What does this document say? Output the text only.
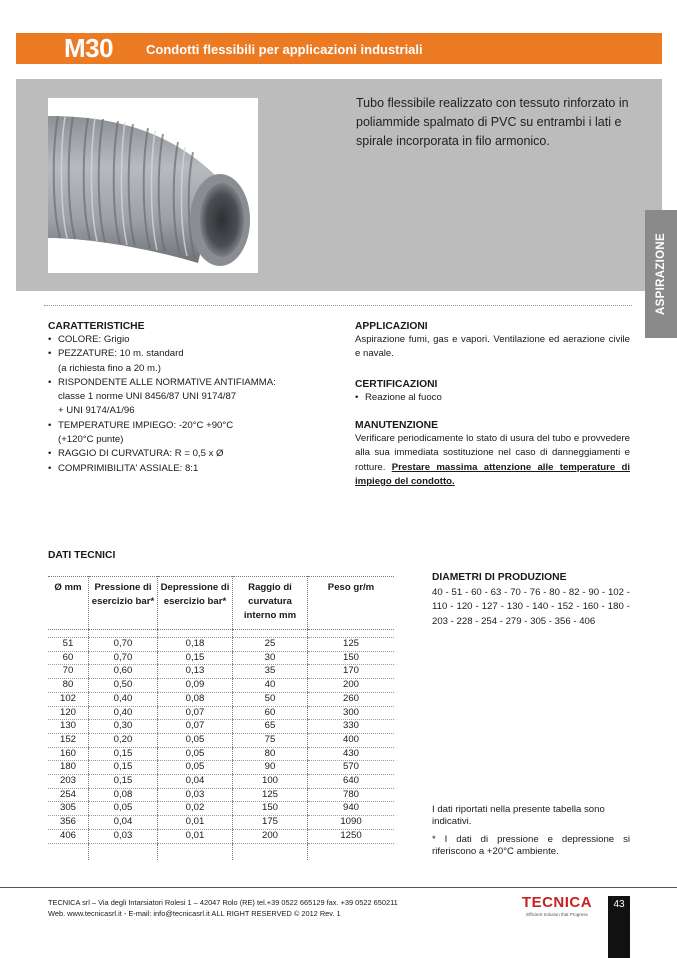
M30	Condotti flessibili per applicazioni industriali
Tubo flessibile realizzato con tessuto rinforzato in poliammide spalmato di PVC su entrambi i lati e spirale incorporata in filo armonico.
ASPIRAZIONE
CARATTERISTICHE
• COLORE: Grigio
• PEZZATURE: 10 m. standard
(a richiesta fino a 20 m.)
• RISPONDENTE ALLE NORMATIVE ANTIFIAMMA:
classe 1 norme UNI 8456/87 UNI 9174/87
+ UNI 9174/A1/96
• TEMPERATURE IMPIEGO: -20°C +90°C
(+120°C punte)
• RAGGIO DI CURVATURA: R = 0,5 x Ø
• COMPRIMIBILITA' ASSIALE: 8:1
APPLICAZIONI
Aspirazione fumi, gas e vapori. Ventilazione ed aerazione civile e navale.
CERTIFICAZIONI
• Reazione al fuoco
MANUTENZIONE
Verificare periodicamente lo stato di usura del tubo e provvedere alla sua immediata sostituzione nel caso di danneggiamenti e rotture. Prestare massima attenzione alle temperature di impiego del condotto.
DATI TECNICI
Ø mm	Pressione di esercizio bar*	Depressione di esercizio bar*	Raggio di curvatura interno mm	Peso gr/m

51	0,70	0,18	25	125
60	0,70	0,15	30	150
70	0,60	0,13	35	170
80	0,50	0,09	40	200
102	0,40	0,08	50	260
120	0,40	0,07	60	300
130	0,30	0,07	65	330
152	0,20	0,05	75	400
160	0,15	0,05	80	430
180	0,15	0,05	90	570
203	0,15	0,04	100	640
254	0,08	0,03	125	780
305	0,05	0,02	150	940
356	0,04	0,01	175	1090
406	0,03	0,01	200	1250

DIAMETRI DI PRODUZIONE
40 - 51 - 60 - 63 - 70 - 76 - 80 - 82 - 90 - 102 - 110 - 120 - 127 - 130 - 140 - 152 - 160 - 180 - 203 - 228 - 254 - 279 - 305 - 356 - 406
I dati riportati nella presente tabella sono indicativi.
* I dati di pressione e depressione si riferiscono a +20°C ambiente.
TECNICA srl – Via degli Intarsiatori Rolesi 1 – 42047 Rolo (RE) tel.+39 0522 665129 fax. +39 0522 650211
Web. www.tecnicasrl.it - E-mail: info@tecnicasrl.it ALL RIGHT RESERVED © 2012 Rev. 1
TECNICA
Efficient Solution that Progress
43
